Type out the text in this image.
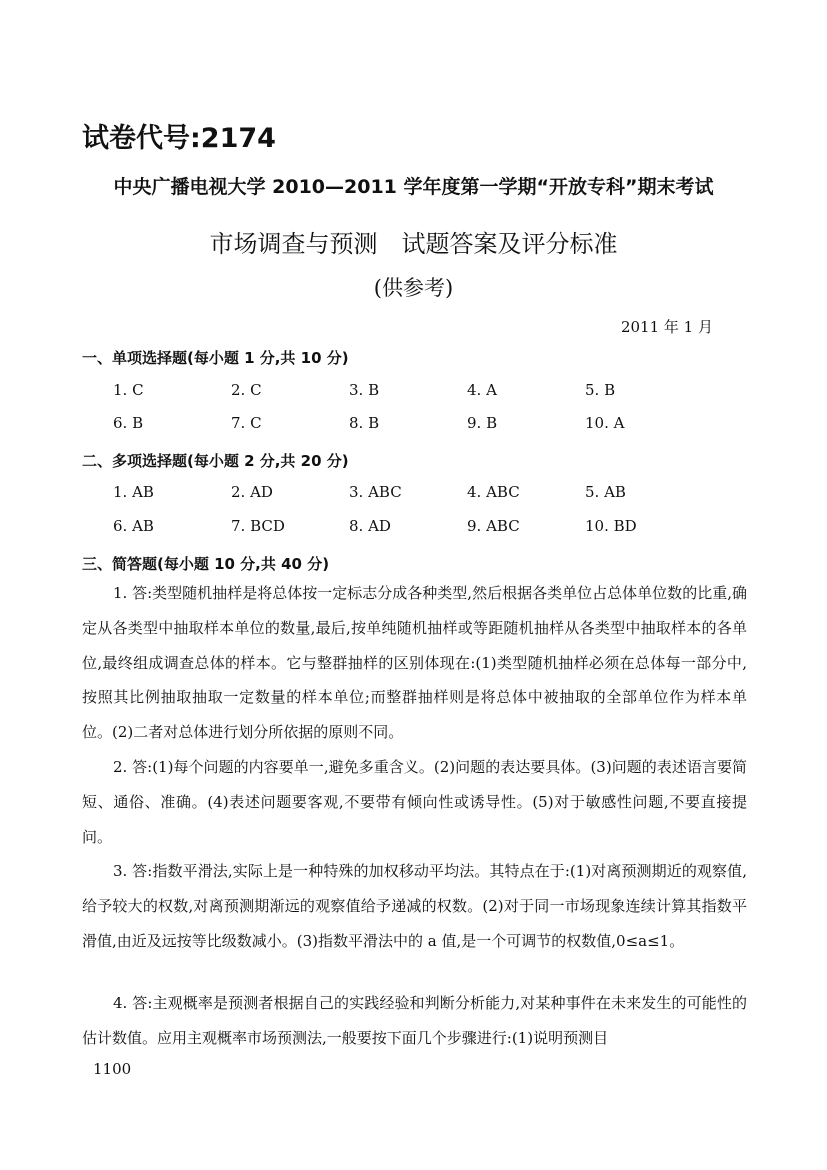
试卷代号:2174
中央广播电视大学 2010—2011 学年度第一学期“开放专科”期末考试
市场调查与预测　试题答案及评分标准
(供参考)
2011 年 1 月
一、单项选择题(每小题 1 分,共 10 分)
1. C	2. C	3. B	4. A	5. B
6. B	7. C	8. B	9. B	10. A
二、多项选择题(每小题 2 分,共 20 分)
1. AB	2. AD	3. ABC	4. ABC	5. AB
6. AB	7. BCD	8. AD	9. ABC	10. BD
三、简答题(每小题 10 分,共 40 分)

1. 答:类型随机抽样是将总体按一定标志分成各种类型,然后根据各类单位占总体单位数的比重,确定从各类型中抽取样本单位的数量,最后,按单纯随机抽样或等距随机抽样从各类型中抽取样本的各单位,最终组成调查总体的样本。它与整群抽样的区别体现在:(1)类型随机抽样必须在总体每一部分中,按照其比例抽取抽取一定数量的样本单位;而整群抽样则是将总体中被抽取的全部单位作为样本单位。(2)二者对总体进行划分所依据的原则不同。

2. 答:(1)每个问题的内容要单一,避免多重含义。(2)问题的表达要具体。(3)问题的表述语言要简短、通俗、准确。(4)表述问题要客观,不要带有倾向性或诱导性。(5)对于敏感性问题,不要直接提问。

3. 答:指数平滑法,实际上是一种特殊的加权移动平均法。其特点在于:(1)对离预测期近的观察值,给予较大的权数,对离预测期渐远的观察值给予递减的权数。(2)对于同一市场现象连续计算其指数平滑值,由近及远按等比级数减小。(3)指数平滑法中的 a 值,是一个可调节的权数值,0≤a≤1。

4. 答:主观概率是预测者根据自己的实践经验和判断分析能力,对某种事件在未来发生的可能性的估计数值。应用主观概率市场预测法,一般要按下面几个步骤进行:(1)说明预测目

1100
